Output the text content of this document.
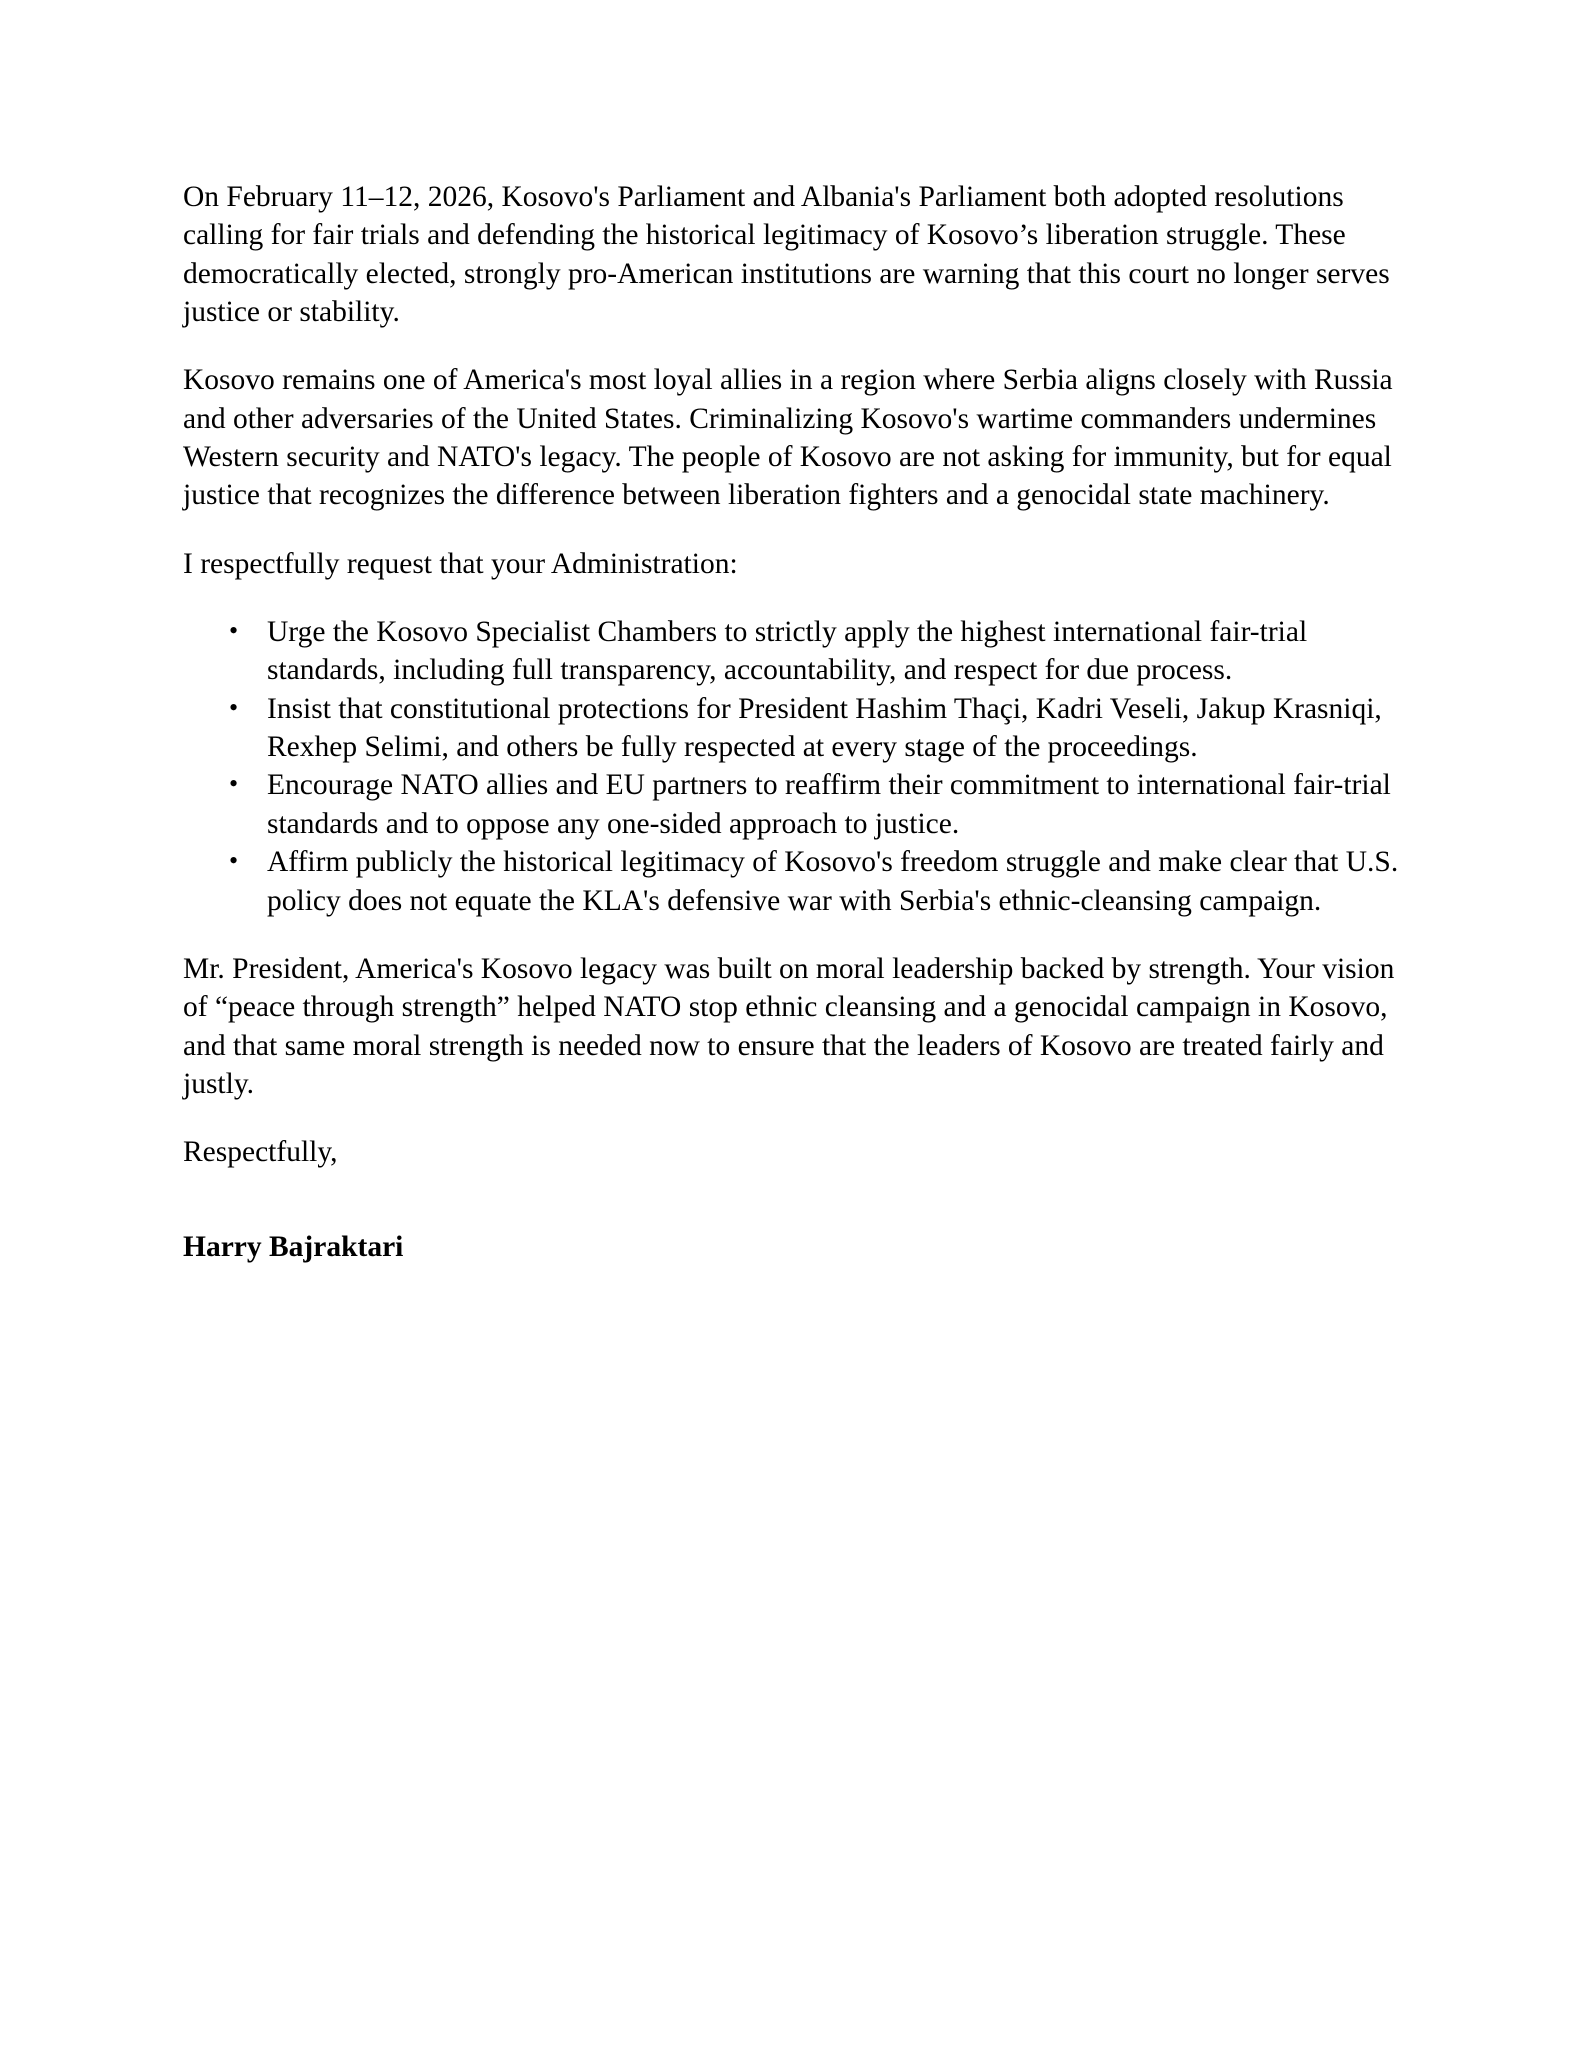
On February 11–12, 2026, Kosovo's Parliament and Albania's Parliament both adopted resolutions calling for fair trials and defending the historical legitimacy of Kosovo’s liberation struggle. These democratically elected, strongly pro-American institutions are warning that this court no longer serves justice or stability.

Kosovo remains one of America's most loyal allies in a region where Serbia aligns closely with Russia and other adversaries of the United States. Criminalizing Kosovo's wartime commanders undermines Western security and NATO's legacy. The people of Kosovo are not asking for immunity, but for equal justice that recognizes the difference between liberation fighters and a genocidal state machinery.

I respectfully request that your Administration:

• Urge the Kosovo Specialist Chambers to strictly apply the highest international fair-trial standards, including full transparency, accountability, and respect for due process.
• Insist that constitutional protections for President Hashim Thaçi, Kadri Veseli, Jakup Krasniqi, Rexhep Selimi, and others be fully respected at every stage of the proceedings.
• Encourage NATO allies and EU partners to reaffirm their commitment to international fair-trial standards and to oppose any one-sided approach to justice.
• Affirm publicly the historical legitimacy of Kosovo's freedom struggle and make clear that U.S. policy does not equate the KLA's defensive war with Serbia's ethnic-cleansing campaign.

Mr. President, America's Kosovo legacy was built on moral leadership backed by strength. Your vision of “peace through strength” helped NATO stop ethnic cleansing and a genocidal campaign in Kosovo, and that same moral strength is needed now to ensure that the leaders of Kosovo are treated fairly and justly.

Respectfully,

Harry Bajraktari
